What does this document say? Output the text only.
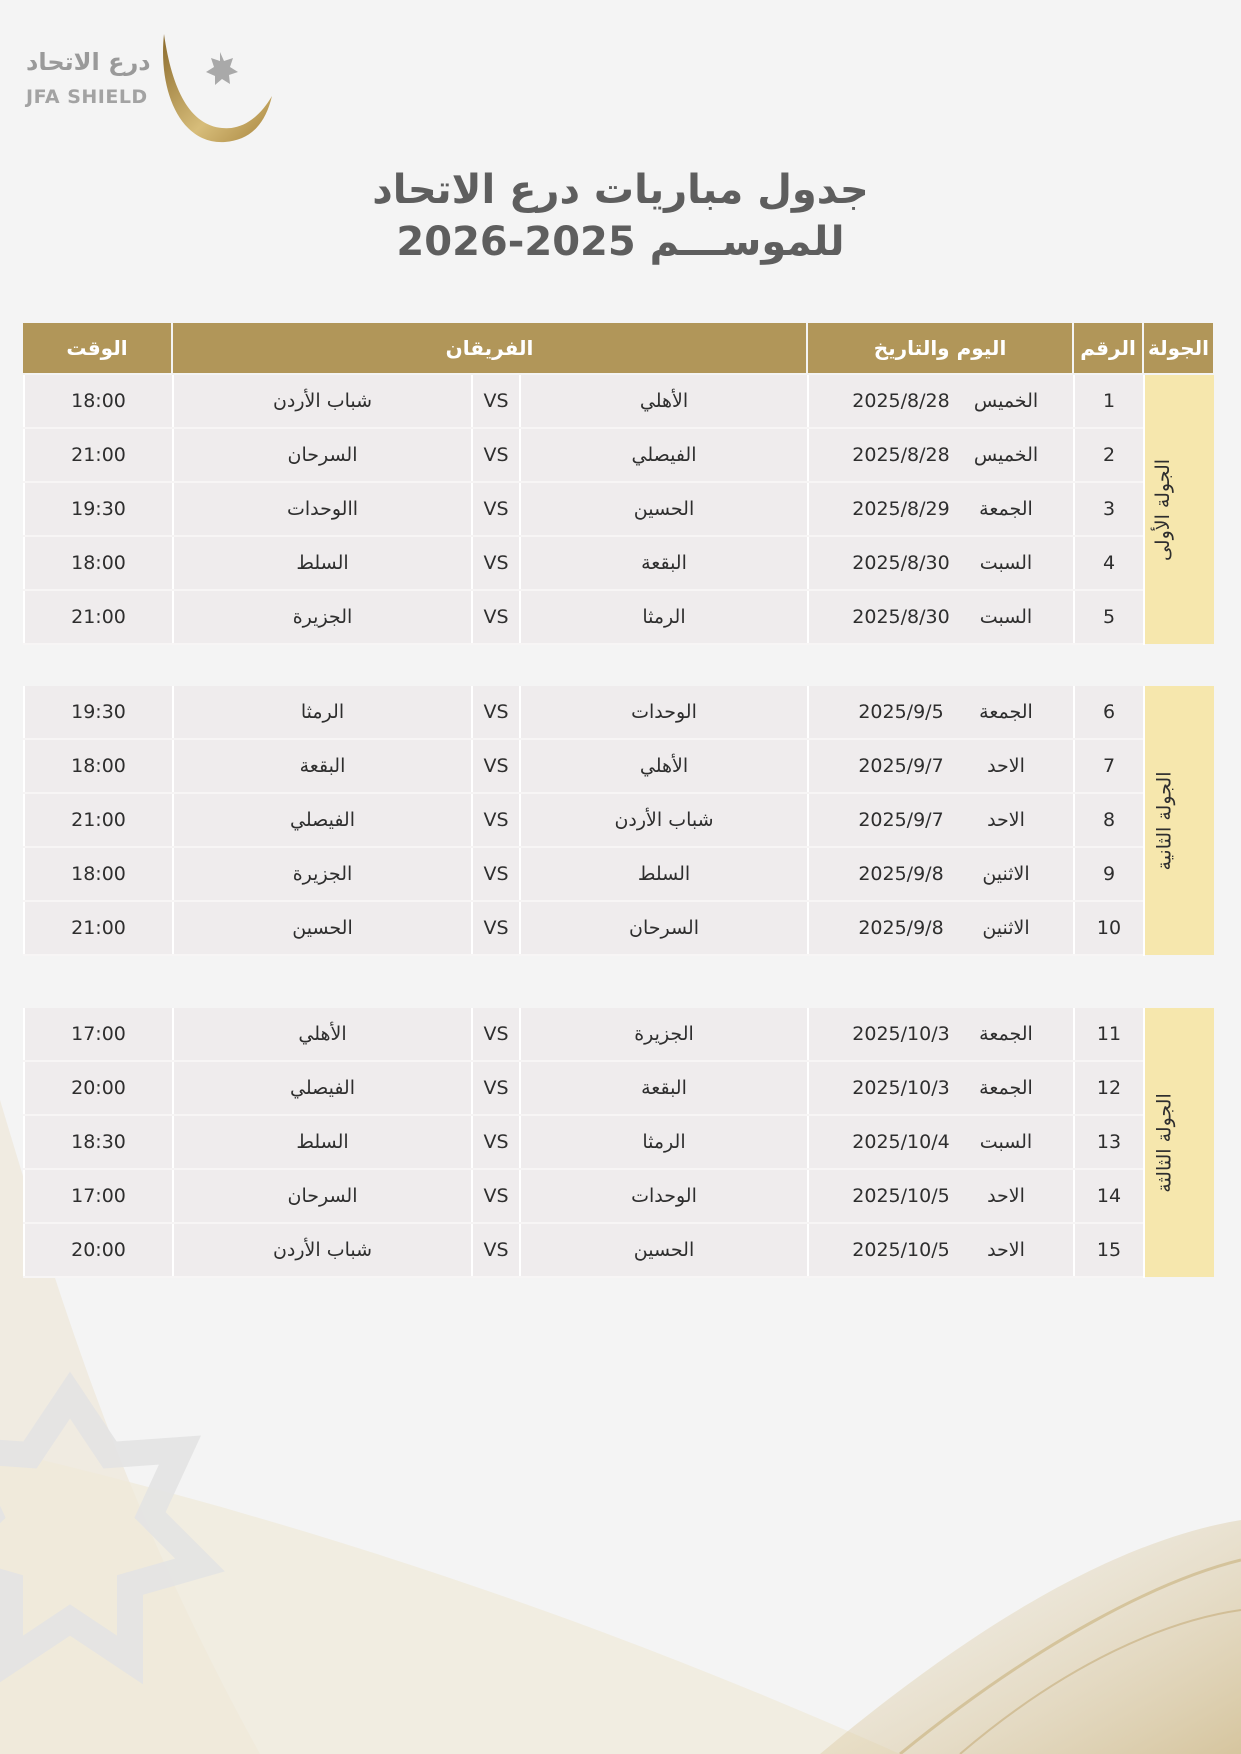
درع الاتحاد
JFA SHIELD
جدول مباريات درع الاتحاد
للموســـم 2025-2026
الجولة	الرقم	اليوم والتاريخ	الفريقان	الوقت
الجولة الأولى	1	الخميس2025/8/28	الأهلي	VS	شباب الأردن	18:00
	2	الخميس2025/8/28	الفيصلي	VS	السرحان	21:00
	3	الجمعة2025/8/29	الحسين	VS	االوحدات	19:30
	4	السبت2025/8/30	البقعة	VS	السلط	18:00
	5	السبت2025/8/30	الرمثا	VS	الجزيرة	21:00
الجولة الثانية	6	الجمعة2025/9/5	الوحدات	VS	الرمثا	19:30
	7	الاحد2025/9/7	الأهلي	VS	البقعة	18:00
	8	الاحد2025/9/7	شباب الأردن	VS	الفيصلي	21:00
	9	الاثنين2025/9/8	السلط	VS	الجزيرة	18:00
	10	الاثنين2025/9/8	السرحان	VS	الحسين	21:00
الجولة الثالثة	11	الجمعة2025/10/3	الجزيرة	VS	الأهلي	17:00
	12	الجمعة2025/10/3	البقعة	VS	الفيصلي	20:00
	13	السبت2025/10/4	الرمثا	VS	السلط	18:30
	14	الاحد2025/10/5	الوحدات	VS	السرحان	17:00
	15	الاحد2025/10/5	الحسين	VS	شباب الأردن	20:00
